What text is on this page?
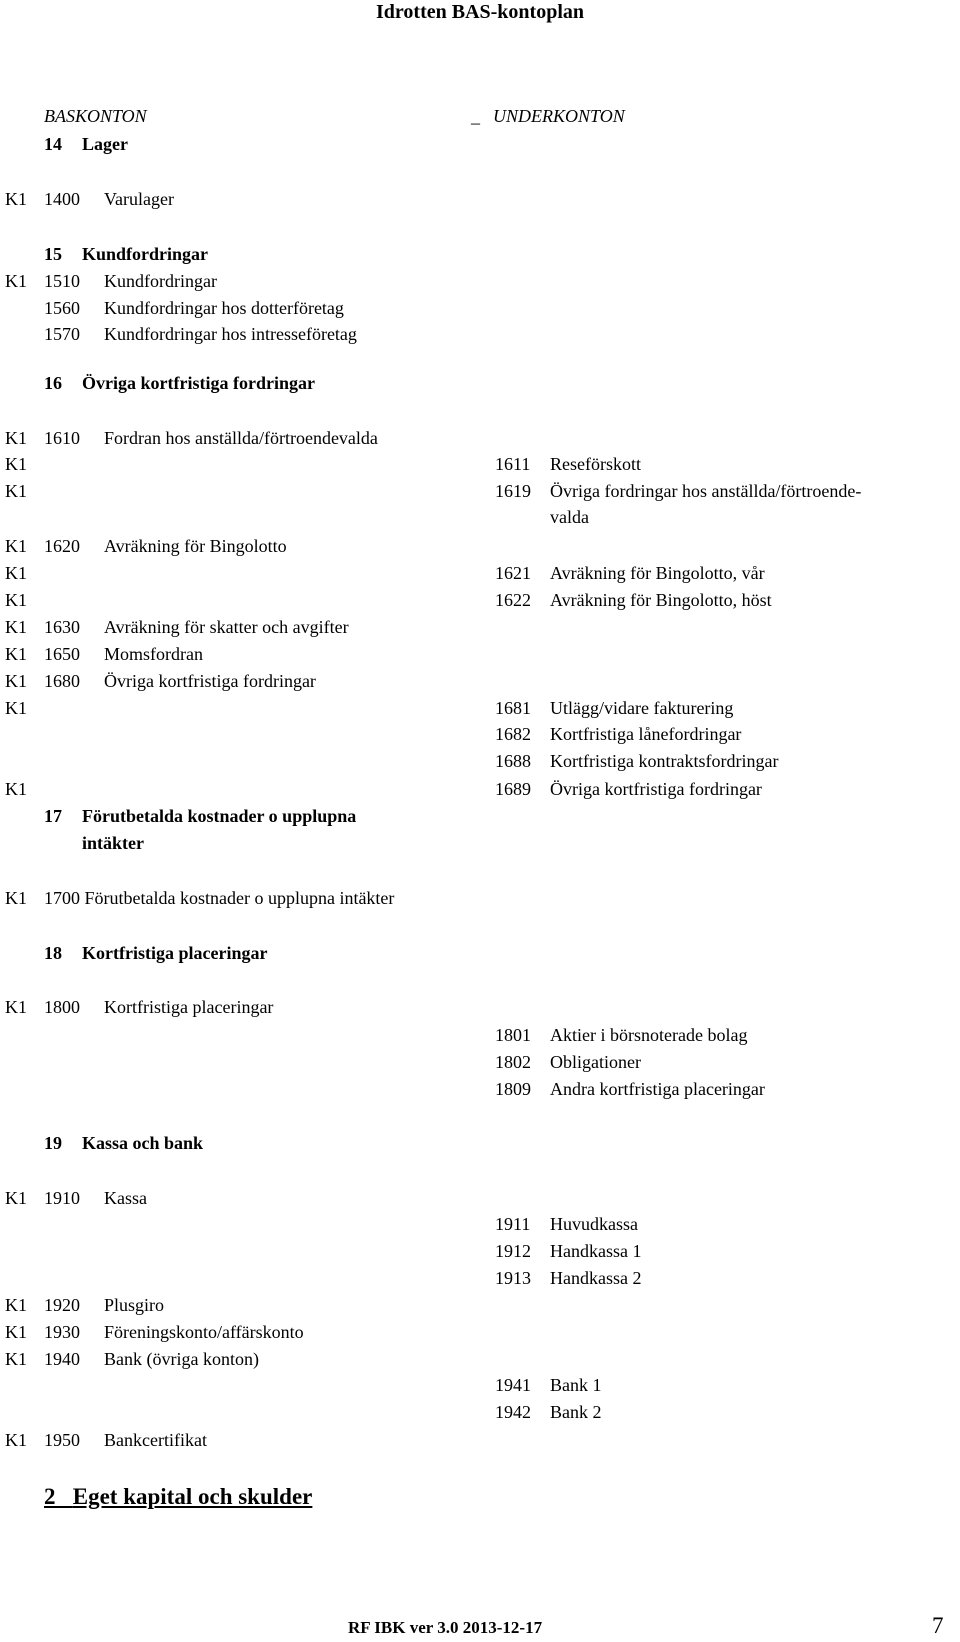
Idrotten BAS-kontoplan
BASKONTON	_ UNDERKONTON
14 Lager
K1 1400 Varulager
15 Kundfordringar
K1 1510 Kundfordringar
1560 Kundfordringar hos dotterföretag
1570 Kundfordringar hos intresseföretag
16 Övriga kortfristiga fordringar
K1 1610 Fordran hos anställda/förtroendevalda
K1	1611 Reseförskott
K1	1619 Övriga fordringar hos anställda/förtroende-
valda
K1 1620 Avräkning för Bingolotto
K1	1621 Avräkning för Bingolotto, vår
K1	1622 Avräkning för Bingolotto, höst
K1 1630 Avräkning för skatter och avgifter
K1 1650 Momsfordran
K1 1680 Övriga kortfristiga fordringar
K1	1681 Utlägg/vidare fakturering
1682 Kortfristiga lånefordringar
1688 Kortfristiga kontraktsfordringar
K1	1689 Övriga kortfristiga fordringar
17 Förutbetalda kostnader o upplupna
intäkter
K1 1700 Förutbetalda kostnader o upplupna intäkter
18 Kortfristiga placeringar
K1 1800 Kortfristiga placeringar
1801 Aktier i börsnoterade bolag
1802 Obligationer
1809 Andra kortfristiga placeringar
19 Kassa och bank
K1 1910 Kassa
1911 Huvudkassa
1912 Handkassa 1
1913 Handkassa 2
K1 1920 Plusgiro
K1 1930 Föreningskonto/affärskonto
K1 1940 Bank (övriga konton)
1941 Bank 1
1942 Bank 2
K1 1950 Bankcertifikat
2 Eget kapital och skulder
RF IBK ver 3.0 2013-12-17	7
